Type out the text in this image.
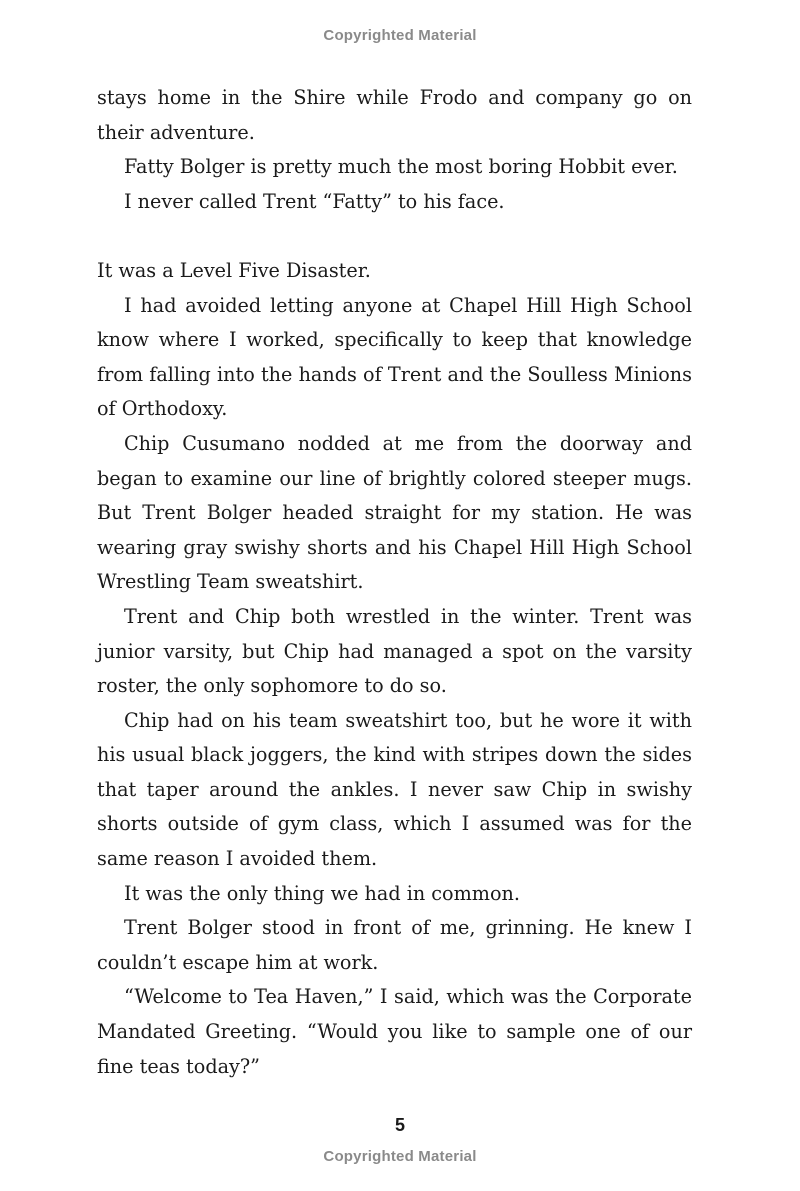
Copyrighted Material

stays home in the Shire while Frodo and company go on their adventure.

Fatty Bolger is pretty much the most boring Hobbit ever.

I never called Trent “Fatty” to his face.

It was a Level Five Disaster.

I had avoided letting anyone at Chapel Hill High School know where I worked, specifically to keep that knowledge from falling into the hands of Trent and the Soulless Minions of Orthodoxy.

Chip Cusumano nodded at me from the doorway and began to examine our line of brightly colored steeper mugs. But Trent Bolger headed straight for my station. He was wearing gray swishy shorts and his Chapel Hill High School Wrestling Team sweatshirt.

Trent and Chip both wrestled in the winter. Trent was junior varsity, but Chip had managed a spot on the varsity roster, the only sophomore to do so.

Chip had on his team sweatshirt too, but he wore it with his usual black joggers, the kind with stripes down the sides that taper around the ankles. I never saw Chip in swishy shorts outside of gym class, which I assumed was for the same reason I avoided them.

It was the only thing we had in common.

Trent Bolger stood in front of me, grinning. He knew I couldn’t escape him at work.

“Welcome to Tea Haven,” I said, which was the Corporate Mandated Greeting. “Would you like to sample one of our fine teas today?”

5
Copyrighted Material
